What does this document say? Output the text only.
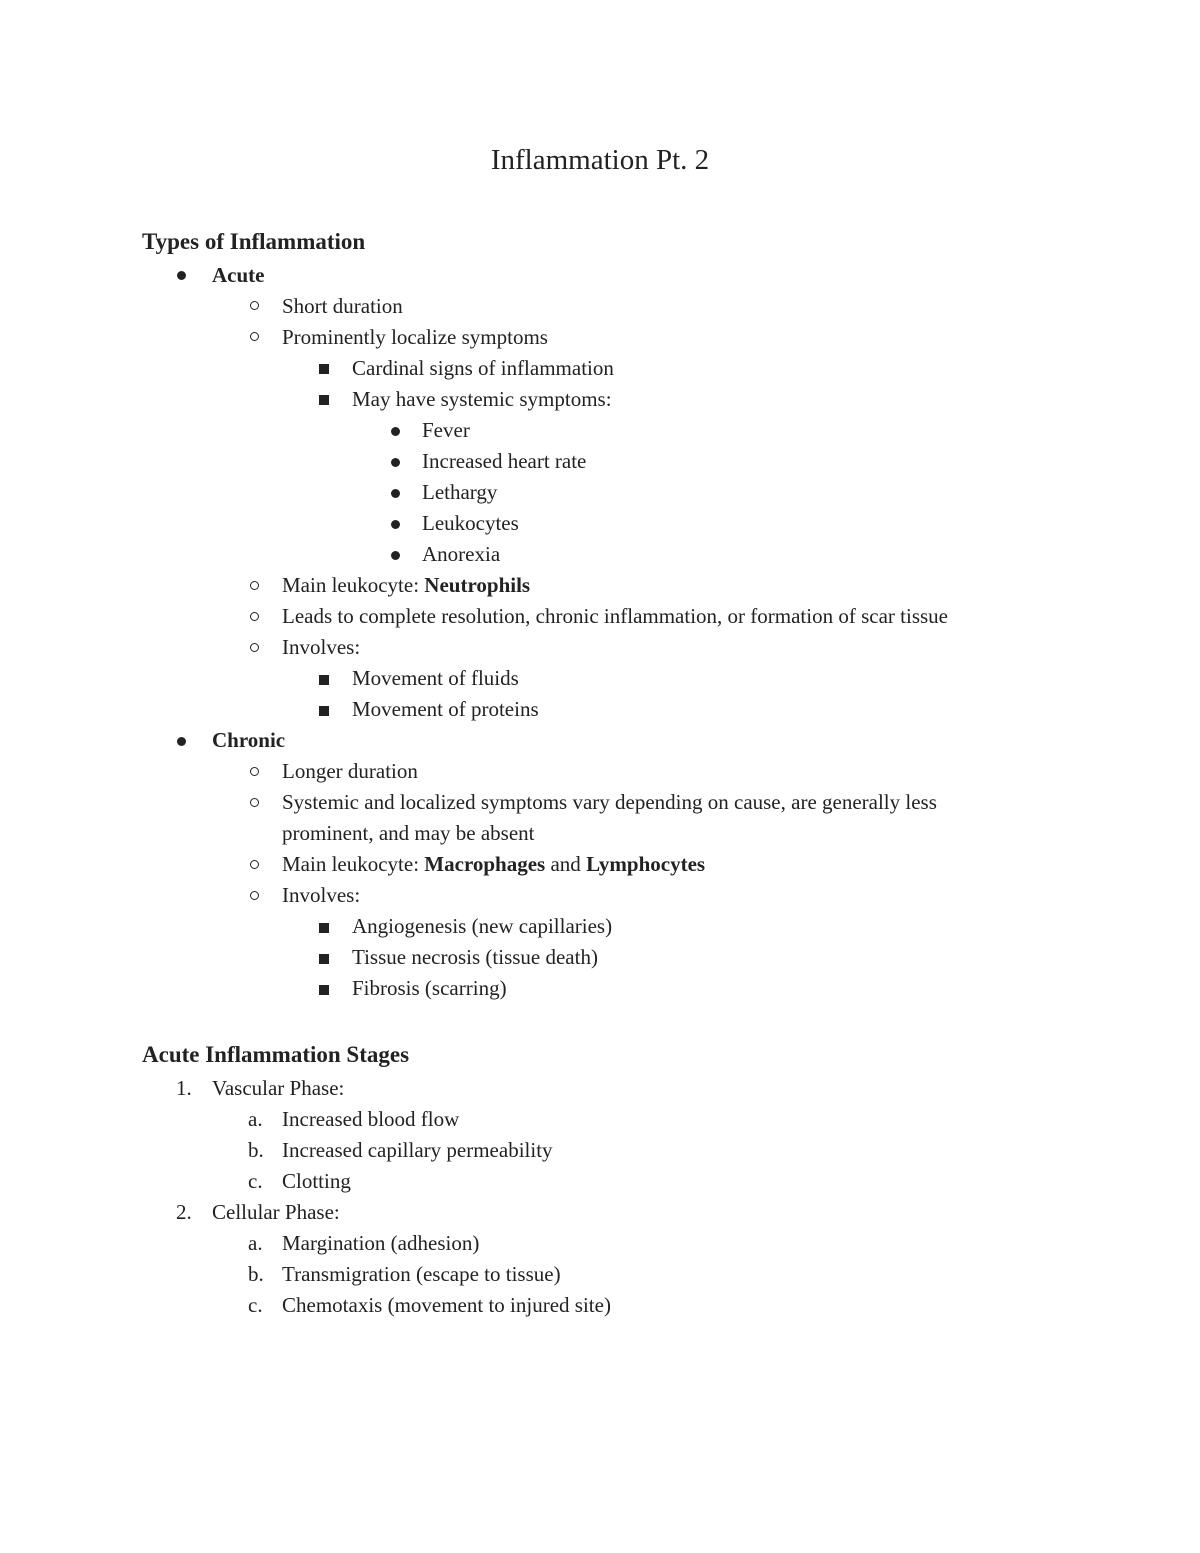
Inflammation Pt. 2
Types of Inflammation
Acute
Short duration
Prominently localize symptoms
Cardinal signs of inflammation
May have systemic symptoms:
Fever
Increased heart rate
Lethargy
Leukocytes
Anorexia
Main leukocyte: Neutrophils
Leads to complete resolution, chronic inflammation, or formation of scar tissue
Involves:
Movement of fluids
Movement of proteins
Chronic
Longer duration
Systemic and localized symptoms vary depending on cause, are generally less
prominent, and may be absent
Main leukocyte: Macrophages and Lymphocytes
Involves:
Angiogenesis (new capillaries)
Tissue necrosis (tissue death)
Fibrosis (scarring)
Acute Inflammation Stages
1. Vascular Phase:
a. Increased blood flow
b. Increased capillary permeability
c. Clotting
2. Cellular Phase:
a. Margination (adhesion)
b. Transmigration (escape to tissue)
c. Chemotaxis (movement to injured site)
